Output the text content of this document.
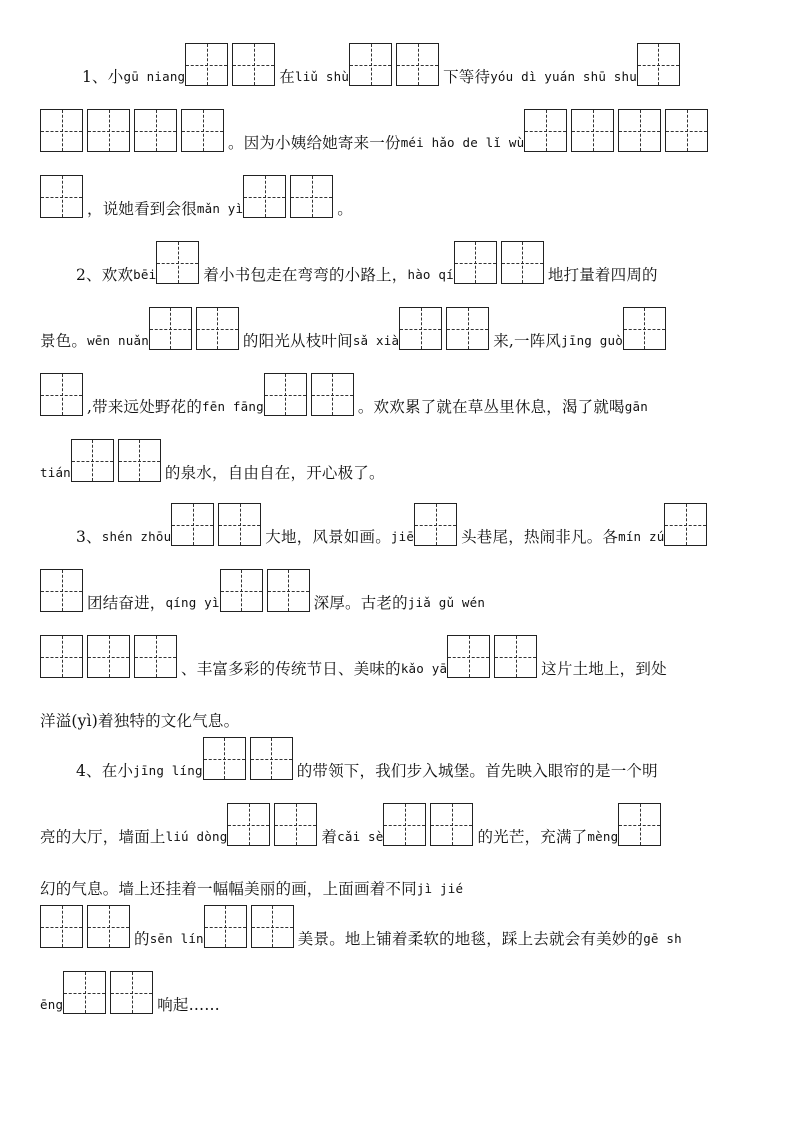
1、小 gū niang	在 liǔ shù	下等待 yóu dì yuán shū shu
。因为小姨给她寄来一份 méi hǎo de lǐ wù
，说她看到会很 mǎn yì	。
2、欢欢 bēi	着小书包走在弯弯的小路上， hào qí	地打量着四周的
景色。 wēn nuǎn	的阳光从枝叶间 sǎ xià	来,一阵风 jīng guò
,带来远处野花的 fēn fāng	。欢欢累了就在草丛里休息，渴了就喝 gān
tián	的泉水，自由自在，开心极了。
3、 shén zhōu	大地，风景如画。 jiē	头巷尾，热闹非凡。各 mín zú
团结奋进， qíng yì	深厚。古老的 jiǎ gǔ wén
、丰富多彩的传统节日、美味的 kǎo yā	这片土地上，到处
洋溢(yì)着独特的文化气息。
4、在小 jīng líng	的带领下，我们步入城堡。首先映入眼帘的是一个明
亮的大厅，墙面上 liú dòng	着 cǎi sè	的光芒，充满了 mèng
幻的气息。墙上还挂着一幅幅美丽的画，上面画着不同 jì jié
的 sēn lín	美景。地上铺着柔软的地毯，踩上去就会有美妙的 gē sh
ēng	响起……
